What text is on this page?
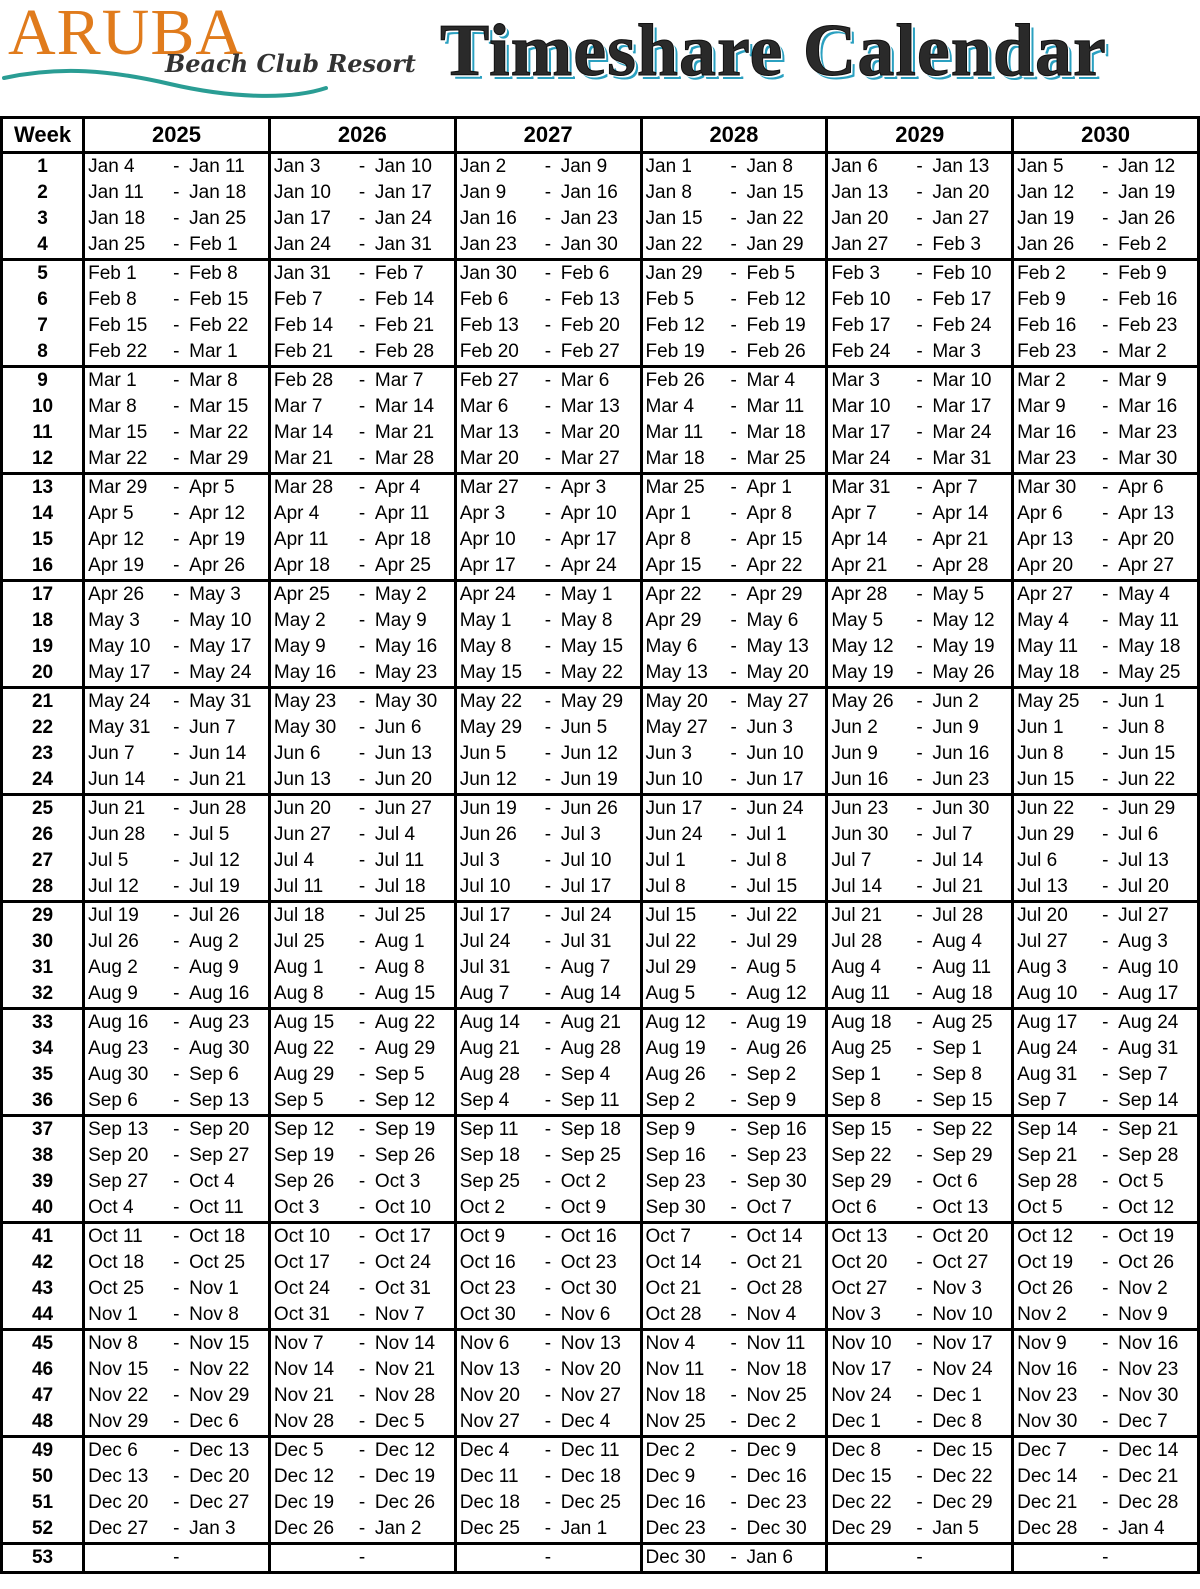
ARUBA
Beach Club Resort Timeshare Calendar
Week	2025	2026	2027	2028	2029	2030
1	Jan 4 - Jan 11	Jan 3 - Jan 10	Jan 2 - Jan 9	Jan 1 - Jan 8	Jan 6 - Jan 13	Jan 5 - Jan 12

2	Jan 11 - Jan 18	Jan 10 - Jan 17	Jan 9 - Jan 16	Jan 8 - Jan 15	Jan 13 - Jan 20	Jan 12 - Jan 19

3	Jan 18 - Jan 25	Jan 17 - Jan 24	Jan 16 - Jan 23	Jan 15 - Jan 22	Jan 20 - Jan 27	Jan 19 - Jan 26

4	Jan 25 - Feb 1	Jan 24 - Jan 31	Jan 23 - Jan 30	Jan 22 - Jan 29	Jan 27 - Feb 3	Jan 26 - Feb 2

5	Feb 1 - Feb 8	Jan 31 - Feb 7	Jan 30 - Feb 6	Jan 29 - Feb 5	Feb 3 - Feb 10	Feb 2 - Feb 9

6	Feb 8 - Feb 15	Feb 7 - Feb 14	Feb 6 - Feb 13	Feb 5 - Feb 12	Feb 10 - Feb 17	Feb 9 - Feb 16

7	Feb 15 - Feb 22	Feb 14 - Feb 21	Feb 13 - Feb 20	Feb 12 - Feb 19	Feb 17 - Feb 24	Feb 16 - Feb 23

8	Feb 22 - Mar 1	Feb 21 - Feb 28	Feb 20 - Feb 27	Feb 19 - Feb 26	Feb 24 - Mar 3	Feb 23 - Mar 2

9	Mar 1 - Mar 8	Feb 28 - Mar 7	Feb 27 - Mar 6	Feb 26 - Mar 4	Mar 3 - Mar 10	Mar 2 - Mar 9

10	Mar 8 - Mar 15	Mar 7 - Mar 14	Mar 6 - Mar 13	Mar 4 - Mar 11	Mar 10 - Mar 17	Mar 9 - Mar 16

11	Mar 15 - Mar 22	Mar 14 - Mar 21	Mar 13 - Mar 20	Mar 11 - Mar 18	Mar 17 - Mar 24	Mar 16 - Mar 23

12	Mar 22 - Mar 29	Mar 21 - Mar 28	Mar 20 - Mar 27	Mar 18 - Mar 25	Mar 24 - Mar 31	Mar 23 - Mar 30

13	Mar 29 - Apr 5	Mar 28 - Apr 4	Mar 27 - Apr 3	Mar 25 - Apr 1	Mar 31 - Apr 7	Mar 30 - Apr 6

14	Apr 5 - Apr 12	Apr 4 - Apr 11	Apr 3 - Apr 10	Apr 1 - Apr 8	Apr 7 - Apr 14	Apr 6 - Apr 13

15	Apr 12 - Apr 19	Apr 11 - Apr 18	Apr 10 - Apr 17	Apr 8 - Apr 15	Apr 14 - Apr 21	Apr 13 - Apr 20

16	Apr 19 - Apr 26	Apr 18 - Apr 25	Apr 17 - Apr 24	Apr 15 - Apr 22	Apr 21 - Apr 28	Apr 20 - Apr 27

17	Apr 26 - May 3	Apr 25 - May 2	Apr 24 - May 1	Apr 22 - Apr 29	Apr 28 - May 5	Apr 27 - May 4

18	May 3 - May 10	May 2 - May 9	May 1 - May 8	Apr 29 - May 6	May 5 - May 12	May 4 - May 11

19	May 10 - May 17	May 9 - May 16	May 8 - May 15	May 6 - May 13	May 12 - May 19	May 11 - May 18

20	May 17 - May 24	May 16 - May 23	May 15 - May 22	May 13 - May 20	May 19 - May 26	May 18 - May 25

21	May 24 - May 31	May 23 - May 30	May 22 - May 29	May 20 - May 27	May 26 - Jun 2	May 25 - Jun 1

22	May 31 - Jun 7	May 30 - Jun 6	May 29 - Jun 5	May 27 - Jun 3	Jun 2 - Jun 9	Jun 1 - Jun 8

23	Jun 7 - Jun 14	Jun 6 - Jun 13	Jun 5 - Jun 12	Jun 3 - Jun 10	Jun 9 - Jun 16	Jun 8 - Jun 15

24	Jun 14 - Jun 21	Jun 13 - Jun 20	Jun 12 - Jun 19	Jun 10 - Jun 17	Jun 16 - Jun 23	Jun 15 - Jun 22

25	Jun 21 - Jun 28	Jun 20 - Jun 27	Jun 19 - Jun 26	Jun 17 - Jun 24	Jun 23 - Jun 30	Jun 22 - Jun 29

26	Jun 28 - Jul 5	Jun 27 - Jul 4	Jun 26 - Jul 3	Jun 24 - Jul 1	Jun 30 - Jul 7	Jun 29 - Jul 6

27	Jul 5 - Jul 12	Jul 4 - Jul 11	Jul 3 - Jul 10	Jul 1 - Jul 8	Jul 7 - Jul 14	Jul 6 - Jul 13

28	Jul 12 - Jul 19	Jul 11 - Jul 18	Jul 10 - Jul 17	Jul 8 - Jul 15	Jul 14 - Jul 21	Jul 13 - Jul 20

29	Jul 19 - Jul 26	Jul 18 - Jul 25	Jul 17 - Jul 24	Jul 15 - Jul 22	Jul 21 - Jul 28	Jul 20 - Jul 27

30	Jul 26 - Aug 2	Jul 25 - Aug 1	Jul 24 - Jul 31	Jul 22 - Jul 29	Jul 28 - Aug 4	Jul 27 - Aug 3

31	Aug 2 - Aug 9	Aug 1 - Aug 8	Jul 31 - Aug 7	Jul 29 - Aug 5	Aug 4 - Aug 11	Aug 3 - Aug 10

32	Aug 9 - Aug 16	Aug 8 - Aug 15	Aug 7 - Aug 14	Aug 5 - Aug 12	Aug 11 - Aug 18	Aug 10 - Aug 17

33	Aug 16 - Aug 23	Aug 15 - Aug 22	Aug 14 - Aug 21	Aug 12 - Aug 19	Aug 18 - Aug 25	Aug 17 - Aug 24

34	Aug 23 - Aug 30	Aug 22 - Aug 29	Aug 21 - Aug 28	Aug 19 - Aug 26	Aug 25 - Sep 1	Aug 24 - Aug 31

35	Aug 30 - Sep 6	Aug 29 - Sep 5	Aug 28 - Sep 4	Aug 26 - Sep 2	Sep 1 - Sep 8	Aug 31 - Sep 7

36	Sep 6 - Sep 13	Sep 5 - Sep 12	Sep 4 - Sep 11	Sep 2 - Sep 9	Sep 8 - Sep 15	Sep 7 - Sep 14

37	Sep 13 - Sep 20	Sep 12 - Sep 19	Sep 11 - Sep 18	Sep 9 - Sep 16	Sep 15 - Sep 22	Sep 14 - Sep 21

38	Sep 20 - Sep 27	Sep 19 - Sep 26	Sep 18 - Sep 25	Sep 16 - Sep 23	Sep 22 - Sep 29	Sep 21 - Sep 28

39	Sep 27 - Oct 4	Sep 26 - Oct 3	Sep 25 - Oct 2	Sep 23 - Sep 30	Sep 29 - Oct 6	Sep 28 - Oct 5

40	Oct 4 - Oct 11	Oct 3 - Oct 10	Oct 2 - Oct 9	Sep 30 - Oct 7	Oct 6 - Oct 13	Oct 5 - Oct 12

41	Oct 11 - Oct 18	Oct 10 - Oct 17	Oct 9 - Oct 16	Oct 7 - Oct 14	Oct 13 - Oct 20	Oct 12 - Oct 19

42	Oct 18 - Oct 25	Oct 17 - Oct 24	Oct 16 - Oct 23	Oct 14 - Oct 21	Oct 20 - Oct 27	Oct 19 - Oct 26

43	Oct 25 - Nov 1	Oct 24 - Oct 31	Oct 23 - Oct 30	Oct 21 - Oct 28	Oct 27 - Nov 3	Oct 26 - Nov 2

44	Nov 1 - Nov 8	Oct 31 - Nov 7	Oct 30 - Nov 6	Oct 28 - Nov 4	Nov 3 - Nov 10	Nov 2 - Nov 9

45	Nov 8 - Nov 15	Nov 7 - Nov 14	Nov 6 - Nov 13	Nov 4 - Nov 11	Nov 10 - Nov 17	Nov 9 - Nov 16

46	Nov 15 - Nov 22	Nov 14 - Nov 21	Nov 13 - Nov 20	Nov 11 - Nov 18	Nov 17 - Nov 24	Nov 16 - Nov 23

47	Nov 22 - Nov 29	Nov 21 - Nov 28	Nov 20 - Nov 27	Nov 18 - Nov 25	Nov 24 - Dec 1	Nov 23 - Nov 30

48	Nov 29 - Dec 6	Nov 28 - Dec 5	Nov 27 - Dec 4	Nov 25 - Dec 2	Dec 1 - Dec 8	Nov 30 - Dec 7

49	Dec 6 - Dec 13	Dec 5 - Dec 12	Dec 4 - Dec 11	Dec 2 - Dec 9	Dec 8 - Dec 15	Dec 7 - Dec 14

50	Dec 13 - Dec 20	Dec 12 - Dec 19	Dec 11 - Dec 18	Dec 9 - Dec 16	Dec 15 - Dec 22	Dec 14 - Dec 21

51	Dec 20 - Dec 27	Dec 19 - Dec 26	Dec 18 - Dec 25	Dec 16 - Dec 23	Dec 22 - Dec 29	Dec 21 - Dec 28

52	Dec 27 - Jan 3	Dec 26 - Jan 2	Dec 25 - Jan 1	Dec 23 - Dec 30	Dec 29 - Jan 5	Dec 28 - Jan 4

53	-	-	-	Dec 30 - Jan 6	-	-
